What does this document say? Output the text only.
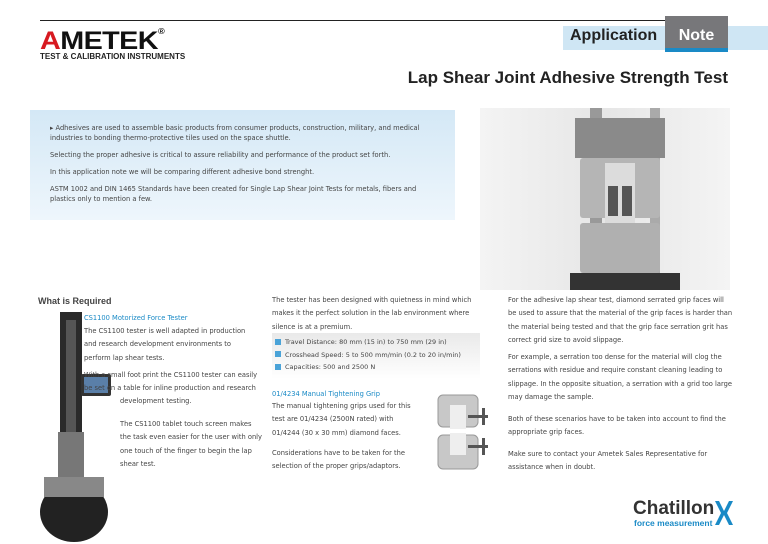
AMETEK®
TEST & CALIBRATION INSTRUMENTS
Application	Note
Lap Shear Joint Adhesive Strength Test

▸ Adhesives are used to assemble basic products from consumer products, construction, military, and medical industries to bonding thermo-protective tiles used on the space shuttle.

Selecting the proper adhesive is critical to assure reliability and performance of the product set forth.

In this application note we will be comparing different adhesive bond strenght.

ASTM 1002 and DIN 1465 Standards have been created for Single Lap Shear Joint Tests for metals, fibers and plastics only to mention a few.

What is Required
CS1100 Motorized Force Tester
The CS1100 tester is well adapted in production and research development environments to perform lap shear tests.
With a small foot print the CS1100 tester can easily be set on a table for inline production and research
development testing.
The CS1100 tablet touch screen makes the task even easier for the user with only one touch of the finger to begin the lap shear test.
The tester has been designed with quietness in mind which makes it the perfect solution in the lab environment where silence is at a premium.
Travel Distance: 80 mm (15 in) to 750 mm (29 in)
Crosshead Speed: 5 to 500 mm/min (0.2 to 20 in/min)
Capacities: 500 and 2500 N
01/4234 Manual Tightening Grip
The manual tightening grips used for this test are 01/4234 (2500N rated) with 01/4244 (30 x 30 mm) diamond faces.
Considerations have to be taken for the selection of the proper grips/adaptors.
For the adhesive lap shear test, diamond serrated grip faces will be used to assure that the material of the grip faces is harder than the material being tested and that the grip face serration grit has correct grid size to avoid slippage.
For example, a serration too dense for the material will clog the serrations with residue and require constant cleaning leading to slippage. In the opposite situation, a serration with a grid too large may damage the sample.
Both of these scenarios have to be taken into account to find the appropriate grip faces.
Make sure to contact your Ametek Sales Representative for assistance when in doubt.
Chatillon
force measurement
